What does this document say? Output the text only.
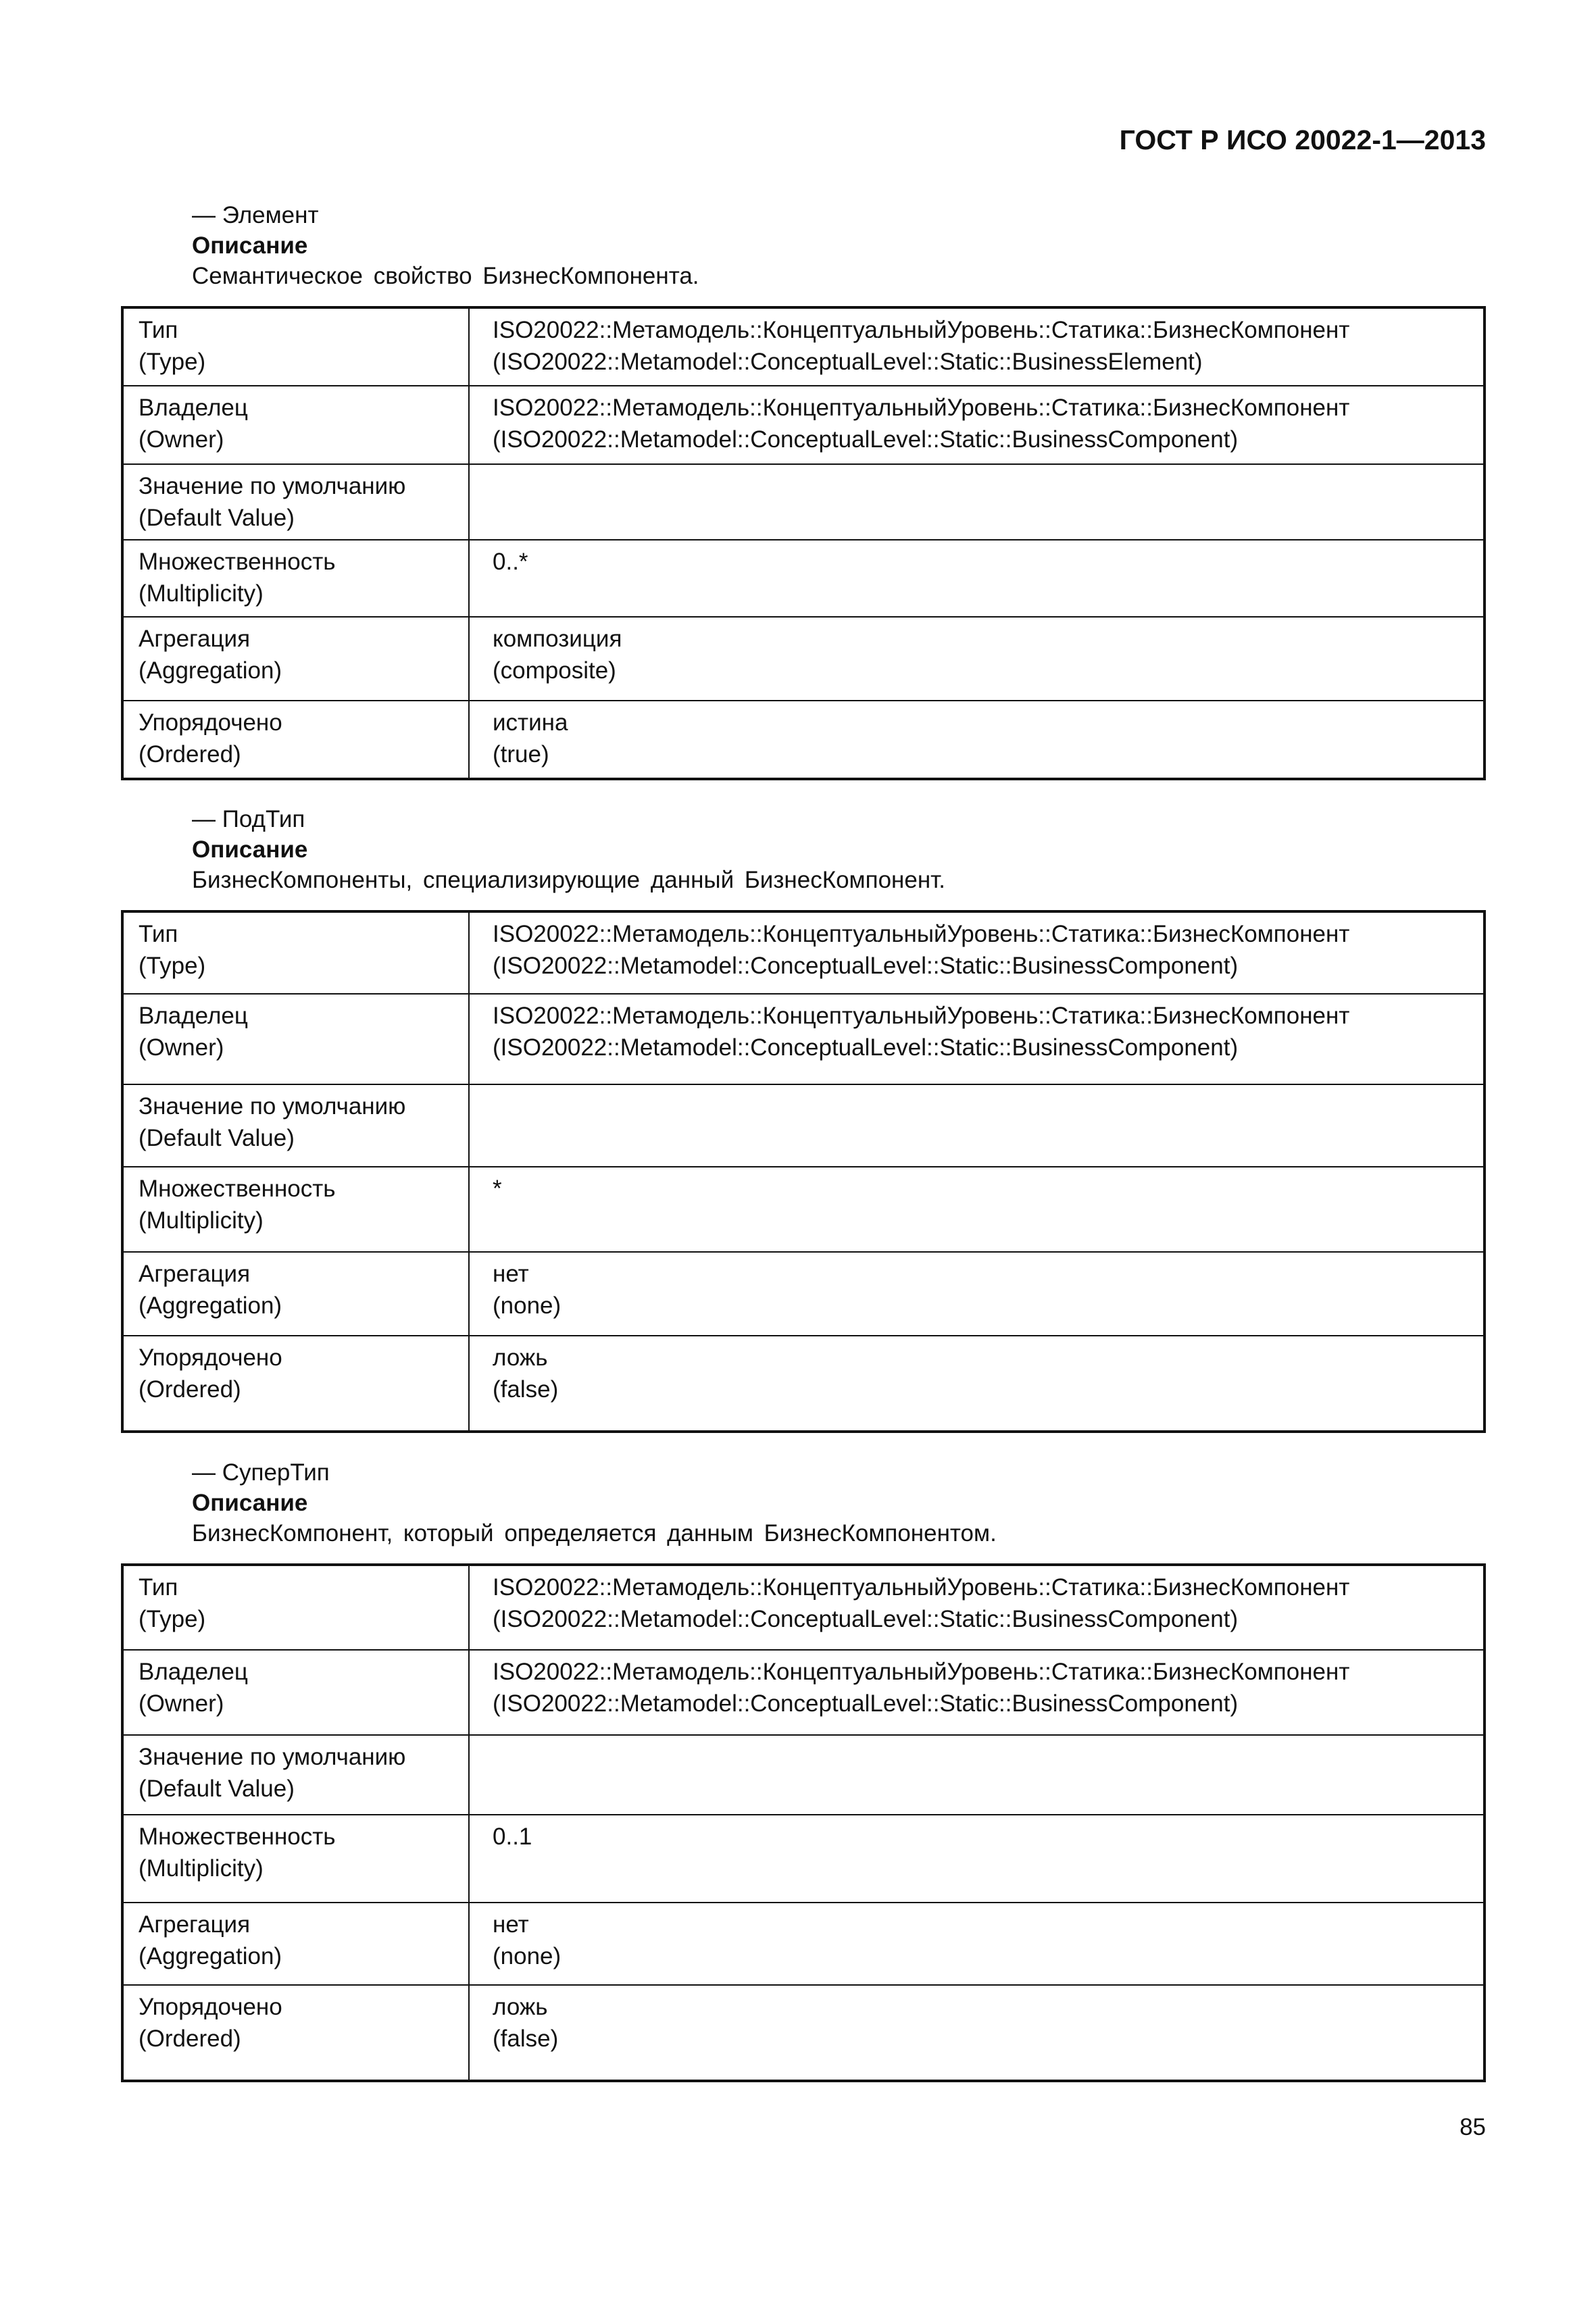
ГОСТ Р ИСО 20022-1—2013
— Элемент
Описание
Семантическое свойство БизнесКомпонента.
Тип
(Type)	ISO20022::Метамодель::КонцептуальныйУровень::Статика::БизнесКомпонент
(ISO20022::Metamodel::ConceptualLevel::Static::BusinessElement)

Владелец
(Owner)	ISO20022::Метамодель::КонцептуальныйУровень::Статика::БизнесКомпонент
(ISO20022::Metamodel::ConceptualLevel::Static::BusinessComponent)

Значение по умолчанию
(Default Value)	

Множественность
(Multiplicity)	0..*

Агрегация
(Aggregation)	композиция
(composite)

Упорядочено
(Ordered)	истина
(true)
— ПодТип
Описание
БизнесКомпоненты, специализирующие данный БизнесКомпонент.
Тип
(Type)	ISO20022::Метамодель::КонцептуальныйУровень::Статика::БизнесКомпонент
(ISO20022::Metamodel::ConceptualLevel::Static::BusinessComponent)

Владелец
(Owner)	ISO20022::Метамодель::КонцептуальныйУровень::Статика::БизнесКомпонент
(ISO20022::Metamodel::ConceptualLevel::Static::BusinessComponent)

Значение по умолчанию
(Default Value)	

Множественность
(Multiplicity)	*

Агрегация
(Aggregation)	нет
(none)

Упорядочено
(Ordered)	ложь
(false)
— СуперТип
Описание
БизнесКомпонент, который определяется данным БизнесКомпонентом.
Тип
(Type)	ISO20022::Метамодель::КонцептуальныйУровень::Статика::БизнесКомпонент
(ISO20022::Metamodel::ConceptualLevel::Static::BusinessComponent)

Владелец
(Owner)	ISO20022::Метамодель::КонцептуальныйУровень::Статика::БизнесКомпонент
(ISO20022::Metamodel::ConceptualLevel::Static::BusinessComponent)

Значение по умолчанию
(Default Value)	

Множественность
(Multiplicity)	0..1

Агрегация
(Aggregation)	нет
(none)

Упорядочено
(Ordered)	ложь
(false)
85
